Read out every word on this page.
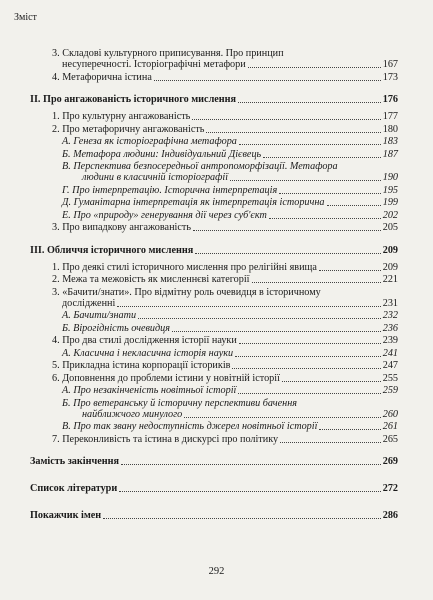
Зміст
3. Складові культурного приписування. Про принцип
несуперечності. Історіографічні метафори	167
4. Метафорична істина	173
II. Про ангажованість історичного мислення	176
1. Про культурну ангажованість	177
2. Про метафоричну ангажованість	180
А. Генеза як історіографічна метафора	183
Б. Метафора людини: Індивідуальний Дієвець	187
В. Перспектива безпосередньої антропоморфізації. Метафора
людини в класичній історіографії	190
Г. Про інтерпретацію. Історична інтерпретація	195
Д. Гуманітарна інтерпретація як інтерпретація історична	199
Е. Про «природу» генерування дії через суб'єкт	202
3. Про випадкову ангажованість	205
III. Обличчя історичного мислення	209
1. Про деякі стилі історичного мислення про релігійні явища	209
2. Межа та межовість як мисленнєві категорії	221
3. «Бачити/знати». Про відмітну роль очевидця в історичному
дослідженні	231
А. Бачити/знати	232
Б. Вірогідність очевидця	236
4. Про два стилі дослідження історії науки	239
А. Класична і некласична історія науки	241
5. Прикладна істина корпорації істориків	247
6. Доповнення до проблеми істини у новітній історії	255
А. Про незакінченість новітньої історії	259
Б. Про ветеранську й історичну перспективи бачення
найближчого минулого	260
В. Про так звану недоступність джерел новітньої історії	261
7. Переконливість та істина в дискурсі про політику	265
Замість закінчення	269
Список літератури	272
Покажчик імен	286
292
